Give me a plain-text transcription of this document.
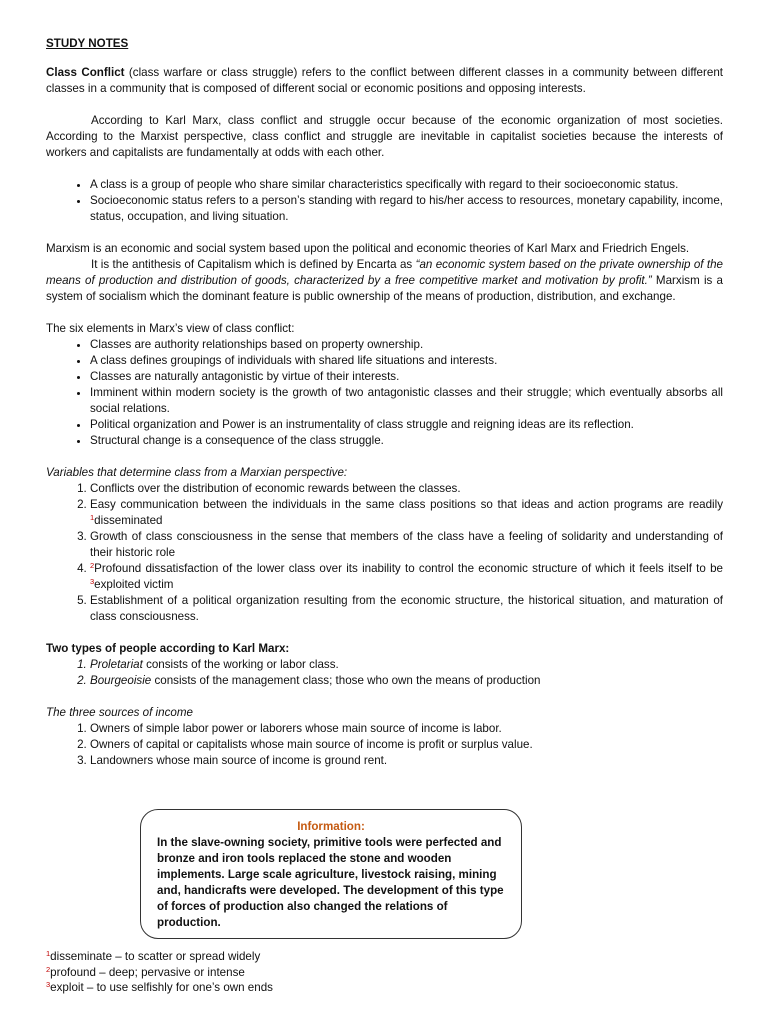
STUDY NOTES

Class Conflict (class warfare or class struggle) refers to the conflict between different classes in a community between different classes in a community that is composed of different social or economic positions and opposing interests.

According to Karl Marx, class conflict and struggle occur because of the economic organization of most societies. According to the Marxist perspective, class conflict and struggle are inevitable in capitalist societies because the interests of workers and capitalists are fundamentally at odds with each other.

• A class is a group of people who share similar characteristics specifically with regard to their socioeconomic status.
• Socioeconomic status refers to a person’s standing with regard to his/her access to resources, monetary capability, income, status, occupation, and living situation.

Marxism is an economic and social system based upon the political and economic theories of Karl Marx and Friedrich Engels.

It is the antithesis of Capitalism which is defined by Encarta as “an economic system based on the private ownership of the means of production and distribution of goods, characterized by a free competitive market and motivation by profit.” Marxism is a system of socialism which the dominant feature is public ownership of the means of production, distribution, and exchange.

The six elements in Marx’s view of class conflict:

• Classes are authority relationships based on property ownership.
• A class defines groupings of individuals with shared life situations and interests.
• Classes are naturally antagonistic by virtue of their interests.
• Imminent within modern society is the growth of two antagonistic classes and their struggle; which eventually absorbs all social relations.
• Political organization and Power is an instrumentality of class struggle and reigning ideas are its reflection.
• Structural change is a consequence of the class struggle.

Variables that determine class from a Marxian perspective:

1. Conflicts over the distribution of economic rewards between the classes.
2. Easy communication between the individuals in the same class positions so that ideas and action programs are readily $^1$disseminated
3. Growth of class consciousness in the sense that members of the class have a feeling of solidarity and understanding of their historic role
4. $^2$Profound dissatisfaction of the lower class over its inability to control the economic structure of which it feels itself to be $^3$exploited victim
5. Establishment of a political organization resulting from the economic structure, the historical situation, and maturation of class consciousness.

Two types of people according to Karl Marx:

1. Proletariat consists of the working or labor class.
2. Bourgeoisie consists of the management class; those who own the means of production

The three sources of income

1. Owners of simple labor power or laborers whose main source of income is labor.
2. Owners of capital or capitalists whose main source of income is profit or surplus value.
3. Landowners whose main source of income is ground rent.
Information:
In the slave-owning society, primitive tools were perfected and bronze and iron tools replaced the stone and wooden implements. Large scale agriculture, livestock raising, mining and, handicrafts were developed. The development of this type of forces of production also changed the relations of production.
$^1$disseminate – to scatter or spread widely
$^2$profound – deep; pervasive or intense
$^3$exploit – to use selfishly for one’s own ends
